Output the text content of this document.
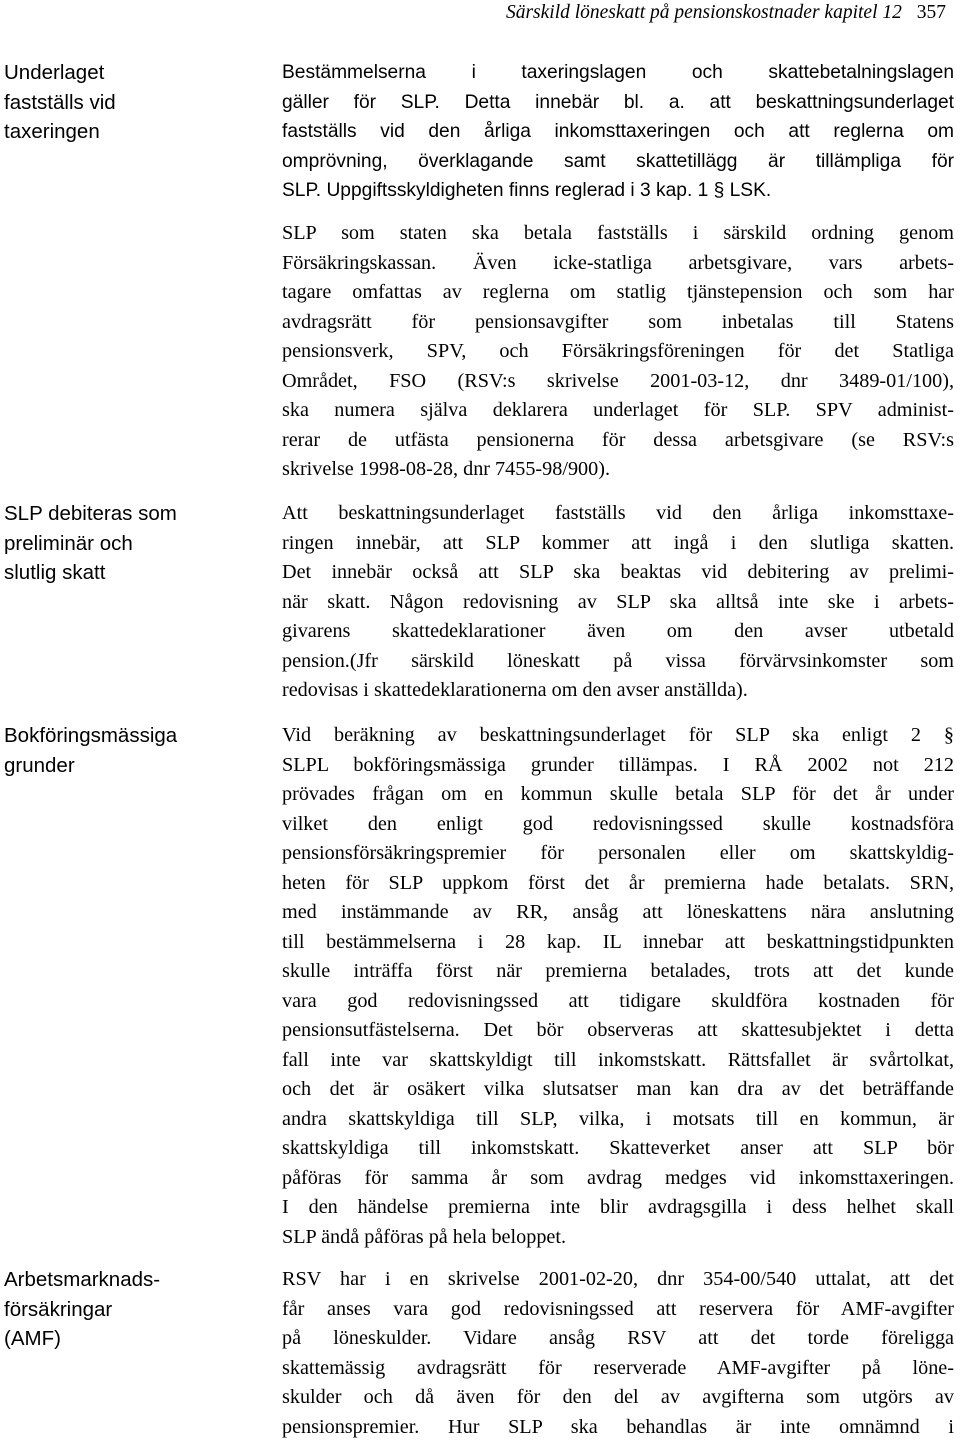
Särskild löneskatt på pensionskostnader kapitel 12 357
Underlaget
fastställs vid
taxeringen
SLP debiteras som
preliminär och
slutlig skatt
Bokföringsmässiga
grunder
Arbetsmarknads-
försäkringar
(AMF)
Bestämmelserna i taxeringslagen och skattebetalningslagen
gäller för SLP. Detta innebär bl. a. att beskattningsunderlaget
fastställs vid den årliga inkomsttaxeringen och att reglerna om
omprövning, överklagande samt skattetillägg är tillämpliga för
SLP. Uppgiftsskyldigheten finns reglerad i 3 kap. 1 § LSK.
SLP som staten ska betala fastställs i särskild ordning genom
Försäkringskassan. Även icke-statliga arbetsgivare, vars arbets-
tagare omfattas av reglerna om statlig tjänstepension och som har
avdragsrätt för pensionsavgifter som inbetalas till Statens
pensionsverk, SPV, och Försäkringsföreningen för det Statliga
Området, FSO (RSV:s skrivelse 2001-03-12, dnr 3489-01/100),
ska numera själva deklarera underlaget för SLP. SPV administ-
rerar de utfästa pensionerna för dessa arbetsgivare (se RSV:s
skrivelse 1998-08-28, dnr 7455-98/900).
Att beskattningsunderlaget fastställs vid den årliga inkomsttaxe-
ringen innebär, att SLP kommer att ingå i den slutliga skatten.
Det innebär också att SLP ska beaktas vid debitering av prelimi-
när skatt. Någon redovisning av SLP ska alltså inte ske i arbets-
givarens skattedeklarationer även om den avser utbetald
pension.(Jfr särskild löneskatt på vissa förvärvsinkomster som
redovisas i skattedeklarationerna om den avser anställda).
Vid beräkning av beskattningsunderlaget för SLP ska enligt 2 §
SLPL bokföringsmässiga grunder tillämpas. I RÅ 2002 not 212
prövades frågan om en kommun skulle betala SLP för det år under
vilket den enligt god redovisningssed skulle kostnadsföra
pensionsförsäkringspremier för personalen eller om skattskyldig-
heten för SLP uppkom först det år premierna hade betalats. SRN,
med instämmande av RR, ansåg att löneskattens nära anslutning
till bestämmelserna i 28 kap. IL innebar att beskattningstidpunkten
skulle inträffa först när premierna betalades, trots att det kunde
vara god redovisningssed att tidigare skuldföra kostnaden för
pensionsutfästelserna. Det bör observeras att skattesubjektet i detta
fall inte var skattskyldigt till inkomstskatt. Rättsfallet är svårtolkat,
och det är osäkert vilka slutsatser man kan dra av det beträffande
andra skattskyldiga till SLP, vilka, i motsats till en kommun, är
skattskyldiga till inkomstskatt. Skatteverket anser att SLP bör
påföras för samma år som avdrag medges vid inkomsttaxeringen.
I den händelse premierna inte blir avdragsgilla i dess helhet skall
SLP ändå påföras på hela beloppet.
RSV har i en skrivelse 2001-02-20, dnr 354-00/540 uttalat, att det
får anses vara god redovisningssed att reservera för AMF-avgifter
på löneskulder. Vidare ansåg RSV att det torde föreligga
skattemässig avdragsrätt för reserverade AMF-avgifter på löne-
skulder och då även för den del av avgifterna som utgörs av
pensionspremier. Hur SLP ska behandlas är inte omnämnd i
